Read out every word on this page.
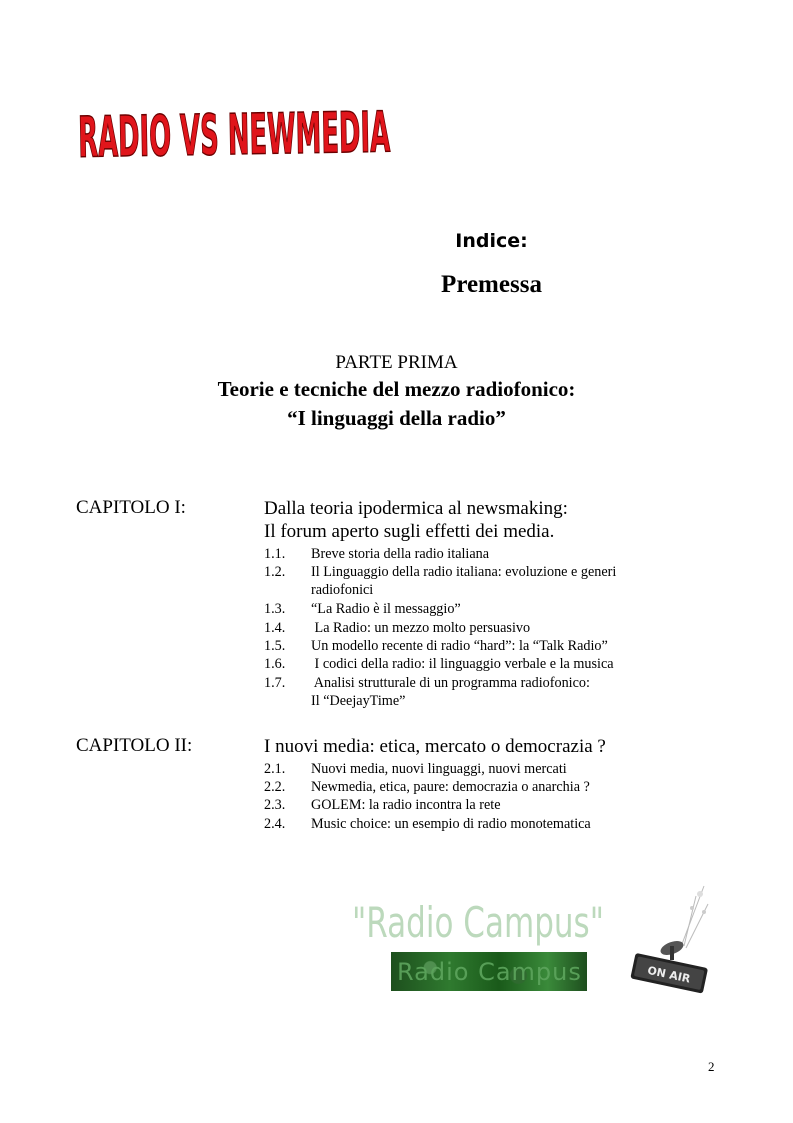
RADIO VS NEWMEDIA
Indice:
Premessa
PARTE PRIMA
Teorie e tecniche del mezzo radiofonico:
“I linguaggi della radio”
CAPITOLO I:	Dalla teoria ipodermica al newsmaking:
Il forum aperto sugli effetti dei media.
1.1. Breve storia della radio italiana
1.2. Il Linguaggio della radio italiana: evoluzione e generi
radiofonici
1.3. “La Radio è il messaggio”
1.4. La Radio: un mezzo molto persuasivo
1.5. Un modello recente di radio “hard”: la “Talk Radio”
1.6. I codici della radio: il linguaggio verbale e la musica
1.7. Analisi strutturale di un programma radiofonico:
Il “DeejayTime”
CAPITOLO II:	I nuovi media: etica, mercato o democrazia ?
2.1. Nuovi media, nuovi linguaggi, nuovi mercati
2.2. Newmedia, etica, paure: democrazia o anarchia ?
2.3. GOLEM: la radio incontra la rete
2.4. Music choice: un esempio di radio monotematica
"Radio Campus"
Radio Campus	ON AIR
2
